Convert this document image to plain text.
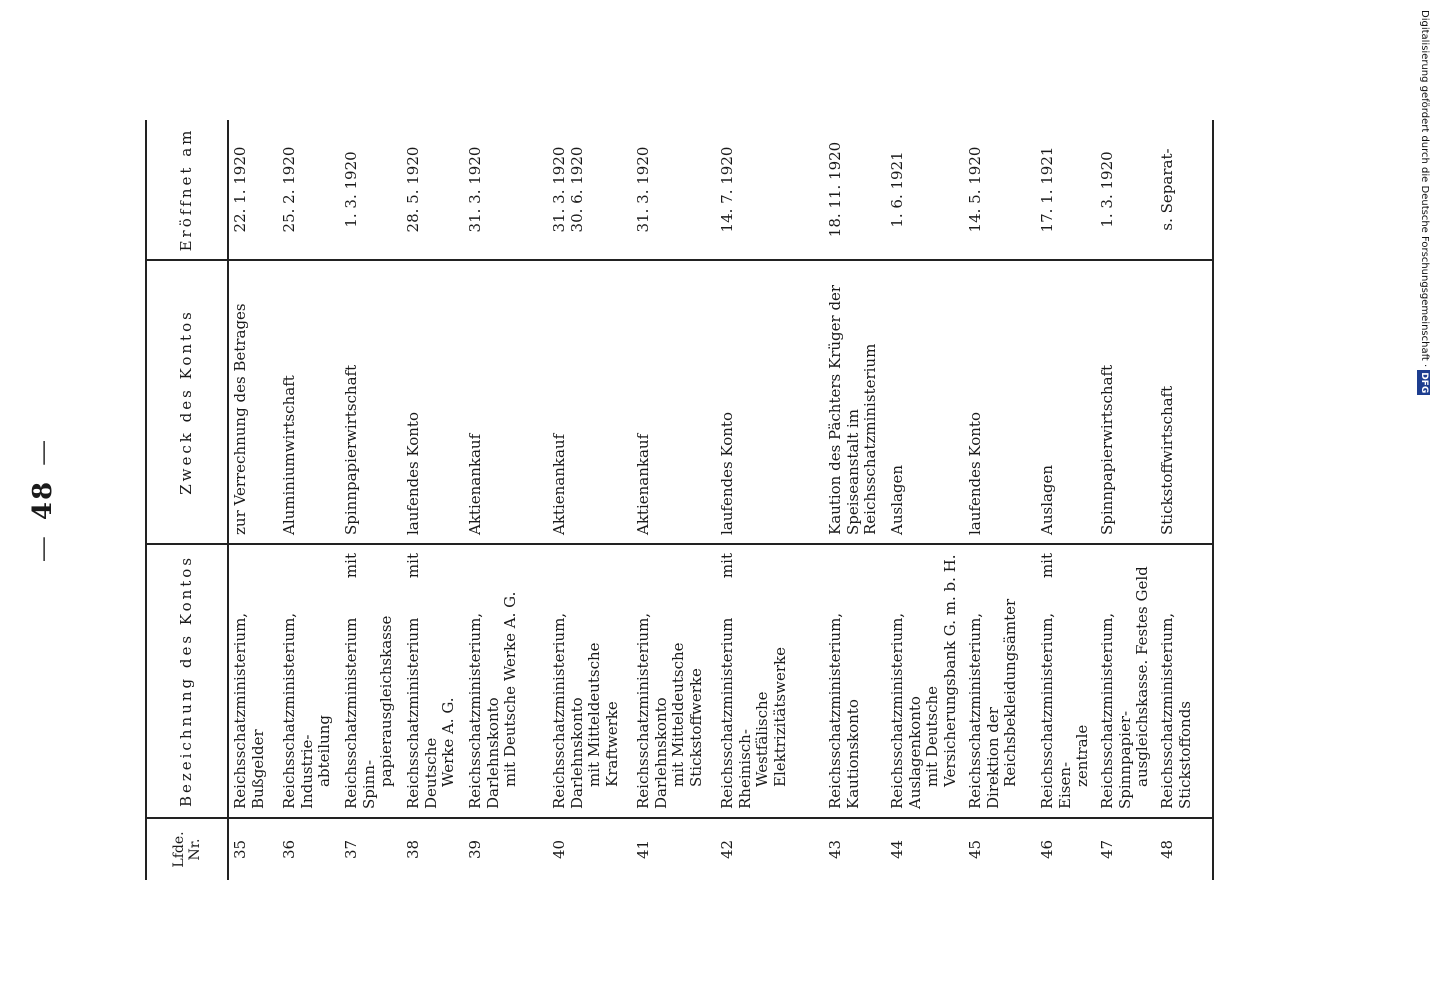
—48—
Lfde. Nr.	Bezeichnung des Kontos	Zweck des Kontos	Eröffnet am
35	Reichsschatzministerium, Bußgelder	zur Verrechnung des Betrages	22. 1. 1920
36	Reichsschatzministerium, Industrie- abteilung	Aluminiumwirtschaft	25. 2. 1920
37	Reichsschatzministerium mit Spinn- papierausgleichskasse	Spinnpapierwirtschaft	1. 3. 1920
38	Reichsschatzministerium mit Deutsche Werke A. G.	laufendes Konto	28. 5. 1920
39	Reichsschatzministerium, Darlehnskonto mit Deutsche Werke A. G.	Aktienankauf	31. 3. 1920
40	Reichsschatzministerium, Darlehnskonto mit Mitteldeutsche Kraftwerke	Aktienankauf	31. 3. 1920
30. 6. 1920
41	Reichsschatzministerium, Darlehnskonto mit Mitteldeutsche Stickstoffwerke	Aktienankauf	31. 3. 1920
42	Reichsschatzministerium mit Rheinisch- Westfälische Elektrizitätswerke	laufendes Konto	14. 7. 1920
43	Reichsschatzministerium, Kautionskonto	Kaution des Pächters Krüger der Speiseanstalt im Reichsschatzministerium	18. 11. 1920
44	Reichsschatzministerium, Auslagenkonto mit Deutsche Versicherungsbank G. m. b. H.	Auslagen	1. 6. 1921
45	Reichsschatzministerium, Direktion der Reichsbekleidungsämter	laufendes Konto	14. 5. 1920
46	Reichsschatzministerium, mit Eisen- zentrale	Auslagen	17. 1. 1921
47	Reichsschatzministerium, Spinnpapier- ausgleichskasse. Festes Geld	Spinnpapierwirtschaft	1. 3. 1920
48	Reichsschatzministerium, Stickstoffonds	Stickstoffwirtschaft	s. Separat-	Digitalisierung gefördert durch die Deutsche Forschungsgemeinschaft ·DFG
